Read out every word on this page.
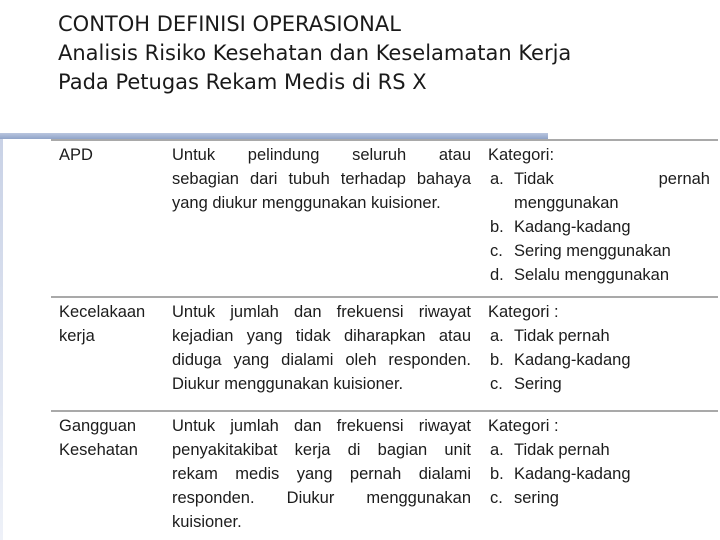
CONTOH DEFINISI OPERASIONAL
Analisis Risiko Kesehatan dan Keselamatan Kerja
Pada Petugas Rekam Medis di RS X
APD	Untuk pelindung seluruh atau
sebagian dari tubuh terhadap bahaya
yang diukur menggunakan kuisioner.
Kategori:
a. Tidak	pernah
menggunakan
b. Kadang-kadang
c. Sering menggunakan
d. Selalu menggunakan
Kecelakaan
kerja
Untuk jumlah dan frekuensi riwayat
kejadian yang tidak diharapkan atau
diduga yang dialami oleh responden.
Diukur menggunakan kuisioner.
Kategori :
a. Tidak pernah
b. Kadang-kadang
c. Sering
Gangguan
Kesehatan
Untuk jumlah dan frekuensi riwayat
penyakitakibat kerja di bagian unit
rekam medis yang pernah dialami
responden. Diukur menggunakan
kuisioner.
Kategori :
a. Tidak pernah
b. Kadang-kadang
c. sering
